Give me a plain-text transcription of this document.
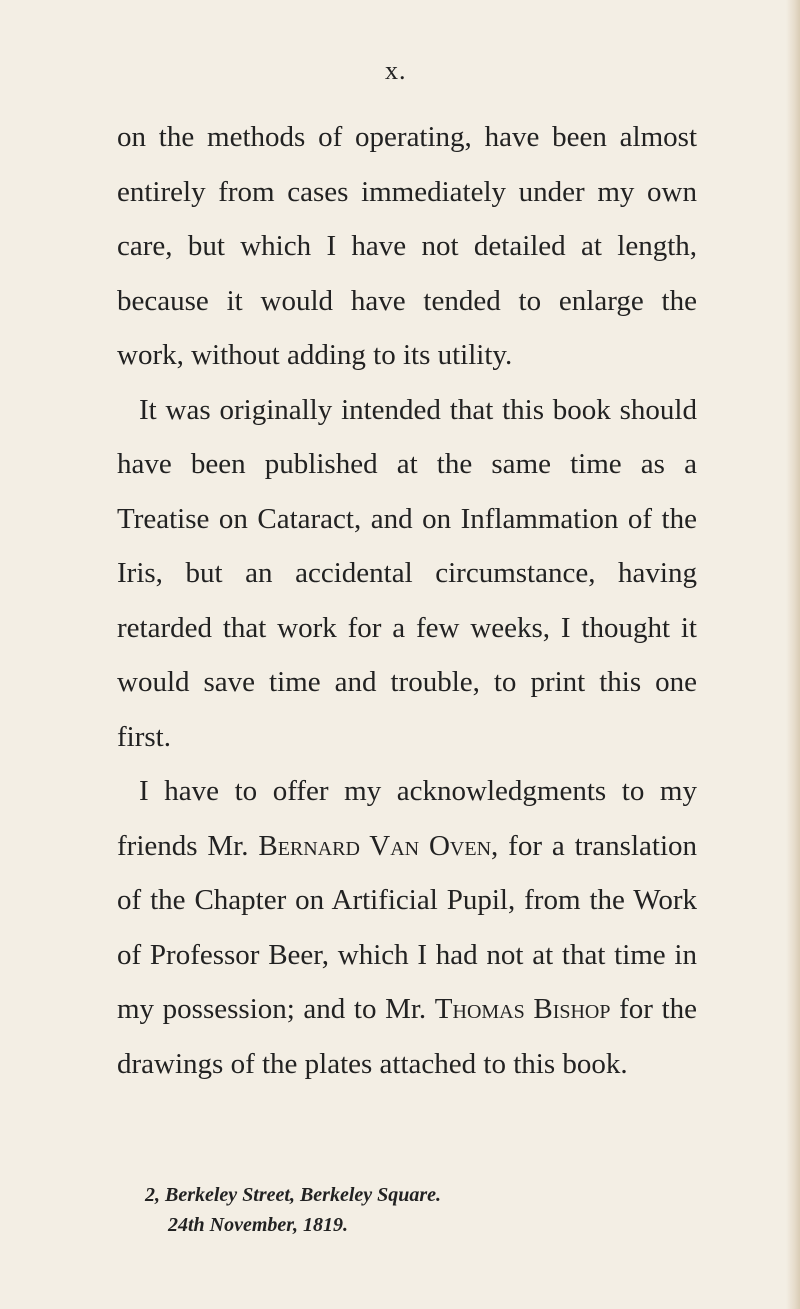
x.

on the methods of operating, have been almost entirely from cases immediately under my own care, but which I have not detailed at length, because it would have tended to enlarge the work, without adding to its utility.

It was originally intended that this book should have been published at the same time as a Treatise on Cataract, and on Inflammation of the Iris, but an accidental circumstance, having retarded that work for a few weeks, I thought it would save time and trouble, to print this one first.

I have to offer my acknowledgments to my friends Mr. Bernard Van Oven, for a translation of the Chapter on Artificial Pupil, from the Work of Professor Beer, which I had not at that time in my possession; and to Mr. Thomas Bishop for the drawings of the plates attached to this book.

2, Berkeley Street, Berkeley Square.
24th November, 1819.
